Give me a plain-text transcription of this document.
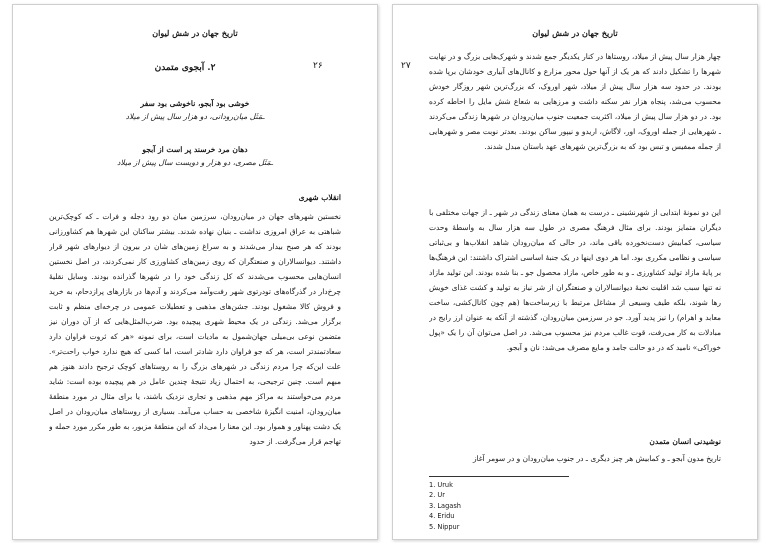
تاریخ جهان در شش لیوان
۲۶
۲. آبجوی متمدن
خوشی بود آبجو، ناخوشی بود سفر
ـمَثَل میان‌رودانی، دو هزار سال پیش از میلاد
دهان مرد خرسند پر است از آبجو
ـمَثَل مصری، دو هزار و دویست سال پیش از میلاد
انقلاب شهری
نخستین شهرهای جهان در میان‌رودان، سرزمین میان دو رود دجله و فرات ـ که کوچک‌ترین شباهتی به عراق امروزی نداشت ـ بنیان نهاده شدند. بیشتر ساکنان این شهرها هم کشاورزانی بودند که هر صبح بیدار می‌شدند و به سراغ زمین‌های شان در بیرون از دیوارهای شهر قرار داشتند. دیوانسالاران و صنعتگران که روی زمین‌های کشاورزی کار نمی‌کردند، در اصل نخستین انسان‌هایی محسوب می‌شدند که کل زندگی خود را در شهرها گذرانده بودند. وسایل نقلیهٔ چرخ‌دار در گذرگاه‌های تودرتوی شهر رفت‌وآمد می‌کردند و آدم‌ها در بازارهای پرازدحام، به خرید و فروش کالا مشغول بودند. جشن‌های مذهبی و تعطیلات عمومی در چرخه‌ای منظم و ثابت برگزار می‌شد. زندگی در یک محیط شهری پیچیده بود. ضرب‌المثل‌هایی که از آن دوران نیز متضمن نوعی بی‌میلی جهان‌شمول به مادیات است، برای نمونه «هر که ثروت فراوان دارد سعادتمندتر است، هر که جو فراوان دارد شادتر است، اما کسی که هیچ ندارد خواب راحت‌تر». علت این‌که چرا مردم زندگی در شهرهای بزرگ را به روستاهای کوچک ترجیح دادند هنوز هم مبهم است. چنین ترجیحی، به احتمال زیاد نتیجهٔ چندین عامل در هم پیچیده بوده است: شاید مردم می‌خواستند به مراکز مهم مذهبی و تجاری نزدیک باشند، یا برای مثال در مورد منطقهٔ میان‌رودان، امنیت انگیزهٔ شاخصی به حساب می‌آمد. بسیاری از روستاهای میان‌رودان در اصل یک دشت پهناور و هموار بود. این معنا را می‌داد که این منطقهٔ مزبور، به طور مکرر مورد حمله و تهاجم قرار می‌گرفت. از حدود
تاریخ جهان در شش لیوان
۲۷
چهار هزار سال پیش از میلاد، روستاها در کنار یکدیگر جمع شدند و شهرک‌هایی بزرگ و در نهایت شهرها را تشکیل دادند که هر یک از آنها حول محور مزارع و کانال‌های آبیاری خودشان برپا شده بودند. در حدود سه هزار سال پیش از میلاد، شهر اوروک، که بزرگ‌ترین شهر روزگار خودش محسوب می‌شد، پنجاه هزار نفر سکنه داشت و مرزهایی به شعاع شش مایل را احاطه کرده بود. در دو هزار سال پیش از میلاد، اکثریت جمعیت جنوب میان‌رودان در شهرها زندگی می‌کردند ـ شهرهایی از جمله اوروک، اور، لاگاش، اریدو و نیپور ساکن بودند. بعدتر نوبت مصر و شهرهایی از جمله ممفیس و تبس بود که به بزرگ‌ترین شهرهای عهد باستان مبدل شدند.
این دو نمونهٔ ابتدایی از شهرنشینی ـ درست به همان معنای زندگی در شهر ـ از جهات مختلفی با دیگران متمایز بودند. برای مثال فرهنگ مصری در طول سه هزار سال به واسطهٔ وحدت سیاسی، کمابیش دست‌نخورده باقی ماند، در حالی که میان‌رودان شاهد انقلاب‌ها و بی‌ثباتی سیاسی و نظامی مکرری بود. اما هر دوی اینها در یک جنبهٔ اساسی اشتراک داشتند: این فرهنگ‌ها بر پایهٔ مازاد تولید کشاورزی ـ و به طور خاص، مازاد محصول جو ـ بنا شده بودند. این تولید مازاد نه تنها سبب شد اقلیت نخبهٔ دیوانسالاران و صنعتگران از شر نیاز به تولید و کشت غذای خویش رها شوند، بلکه طیف وسیعی از مشاغل مرتبط با زیرساخت‌ها (هم چون کانال‌کشی، ساخت معابد و اهرام) را نیز پدید آورد. جو در سرزمین میان‌رودان، گذشته از آنکه به عنوان ارز رایج در مبادلات به کار می‌رفت، قوت غالب مردم نیز محسوب می‌شد. در اصل می‌توان آن را یک «پول خوراکی» نامید که در دو حالت جامد و مایع مصرف می‌شد: نان و آبجو.
نوشیدنی انسان متمدن
تاریخ مدون آبجو ـ و کمابیش هر چیز دیگری ـ در جنوب میان‌رودان و در سومر آغاز
1. Uruk
2. Ur
3. Lagash
4. Eridu
5. Nippur
